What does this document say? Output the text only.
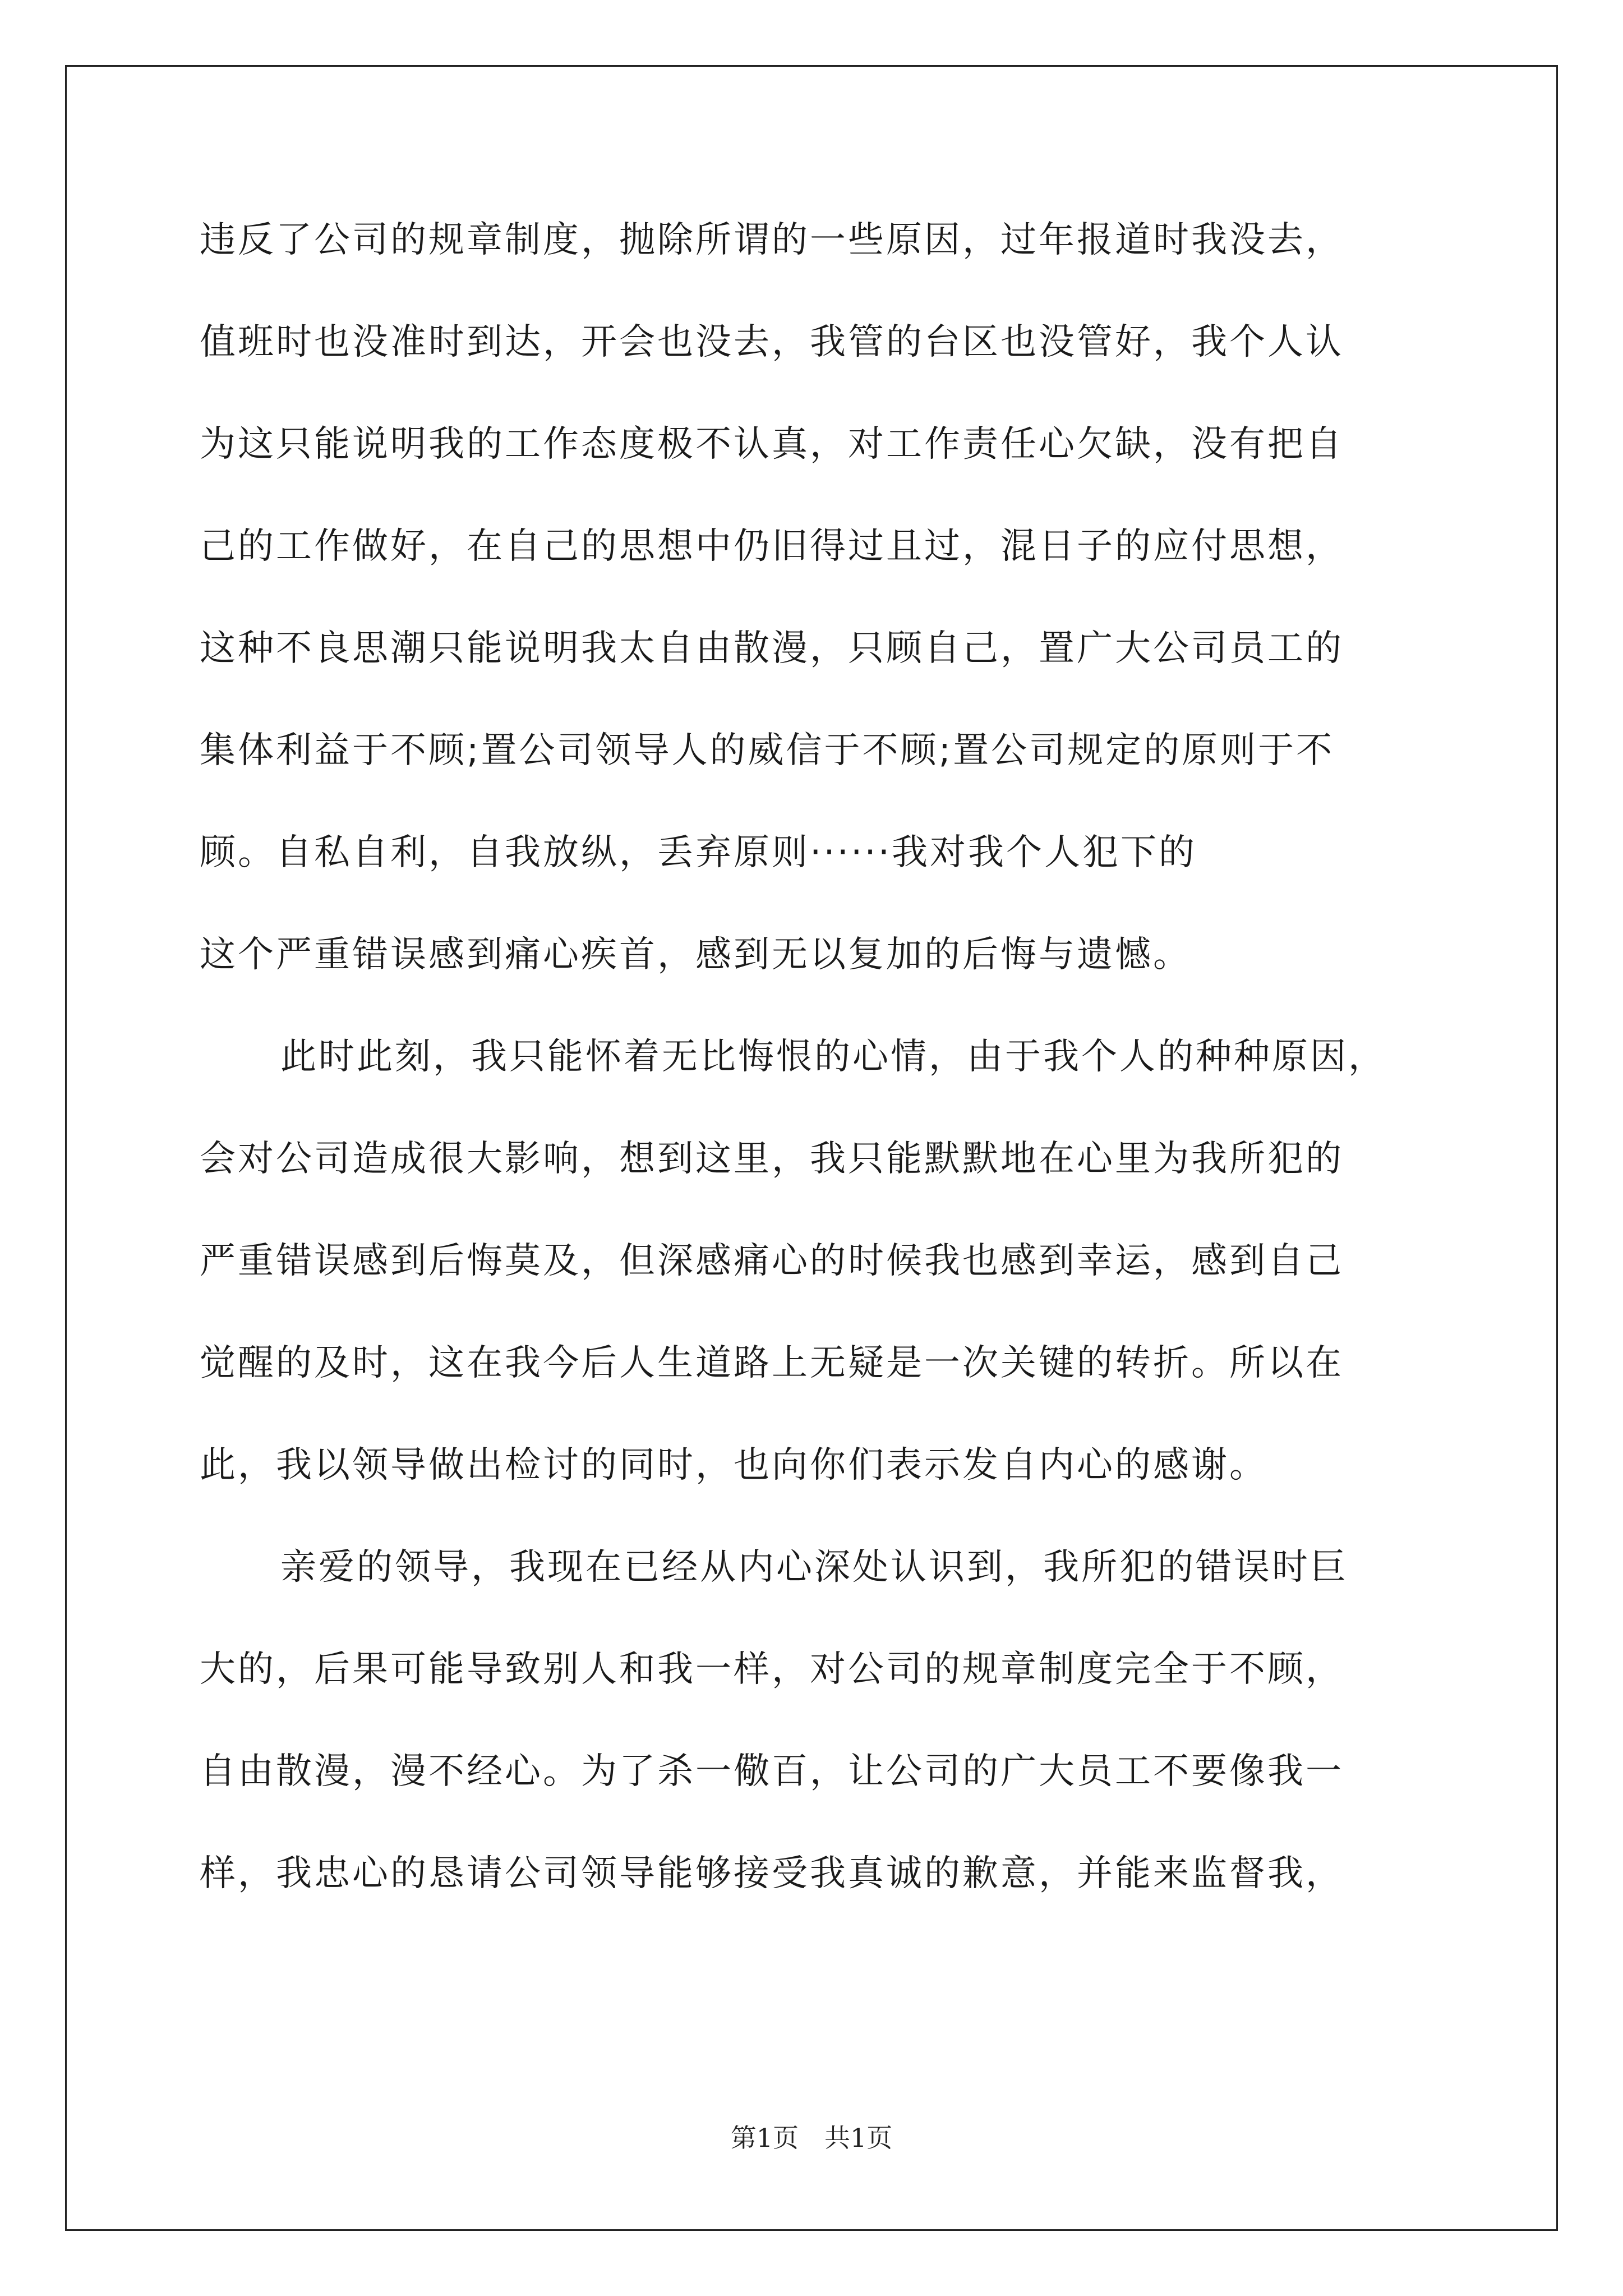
违反了公司的规章制度，抛除所谓的一些原因，过年报道时我没去，
值班时也没准时到达，开会也没去，我管的台区也没管好，我个人认
为这只能说明我的工作态度极不认真，对工作责任心欠缺，没有把自
己的工作做好，在自己的思想中仍旧得过且过，混日子的应付思想，
这种不良思潮只能说明我太自由散漫，只顾自己，置广大公司员工的
集体利益于不顾;置公司领导人的威信于不顾;置公司规定的原则于不
顾。自私自利，自我放纵，丢弃原则······我对我个人犯下的
这个严重错误感到痛心疾首，感到无以复加的后悔与遗憾。
此时此刻，我只能怀着无比悔恨的心情，由于我个人的种种原因，
会对公司造成很大影响，想到这里，我只能默默地在心里为我所犯的
严重错误感到后悔莫及，但深感痛心的时候我也感到幸运，感到自己
觉醒的及时，这在我今后人生道路上无疑是一次关键的转折。所以在
此，我以领导做出检讨的同时，也向你们表示发自内心的感谢。
亲爱的领导，我现在已经从内心深处认识到，我所犯的错误时巨
大的，后果可能导致别人和我一样，对公司的规章制度完全于不顾，
自由散漫，漫不经心。为了杀一儆百，让公司的广大员工不要像我一
样，我忠心的恳请公司领导能够接受我真诚的歉意，并能来监督我，
第1页 共1页
